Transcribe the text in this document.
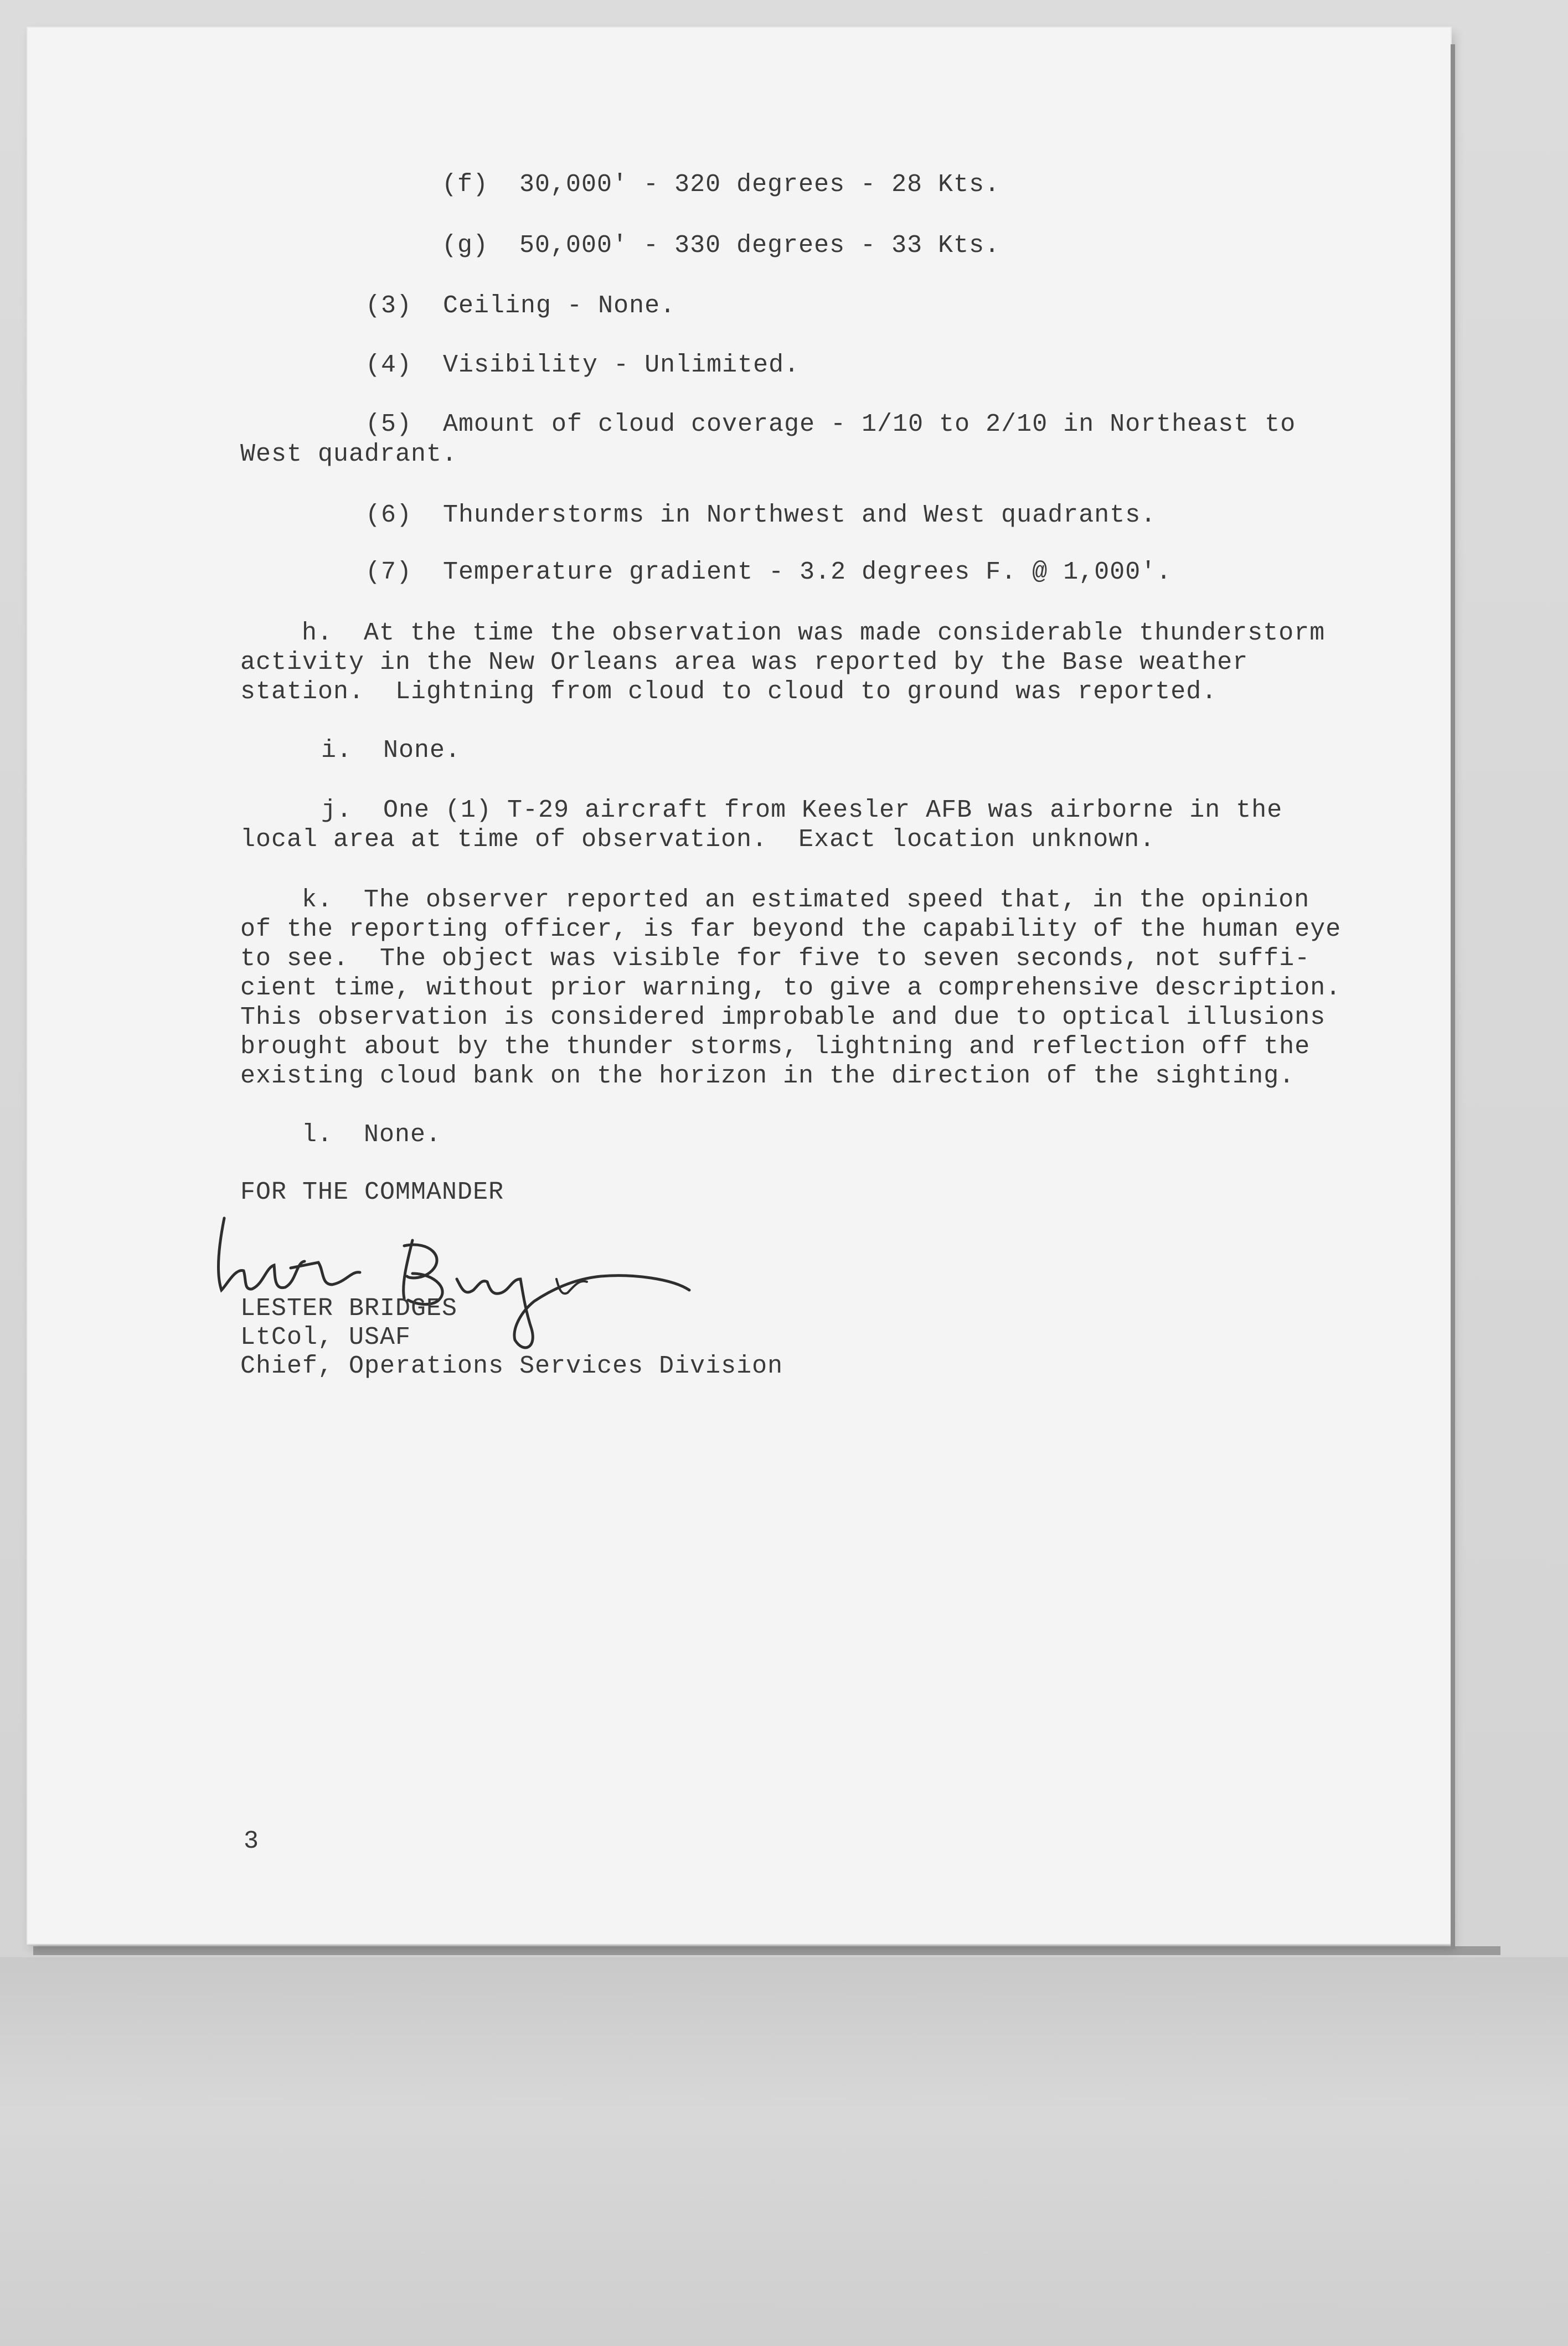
(f)  30,000' - 320 degrees - 28 Kts.
(g)  50,000' - 330 degrees - 33 Kts.
(3)  Ceiling - None.
(4)  Visibility - Unlimited.
(5)  Amount of cloud coverage - 1/10 to 2/10 in Northeast to
West quadrant.
(6)  Thunderstorms in Northwest and West quadrants.
(7)  Temperature gradient - 3.2 degrees F. @ 1,000'.
h.  At the time the observation was made considerable thunderstorm
activity in the New Orleans area was reported by the Base weather
station.  Lightning from cloud to cloud to ground was reported.
i.  None.
j.  One (1) T-29 aircraft from Keesler AFB was airborne in the
local area at time of observation.  Exact location unknown.
k.  The observer reported an estimated speed that, in the opinion
of the reporting officer, is far beyond the capability of the human eye
to see.  The object was visible for five to seven seconds, not suffi-
cient time, without prior warning, to give a comprehensive description.
This observation is considered improbable and due to optical illusions
brought about by the thunder storms, lightning and reflection off the
existing cloud bank on the horizon in the direction of the sighting.
l.  None.
FOR THE COMMANDER
LESTER BRIDGES
LtCol, USAF
Chief, Operations Services Division
3
